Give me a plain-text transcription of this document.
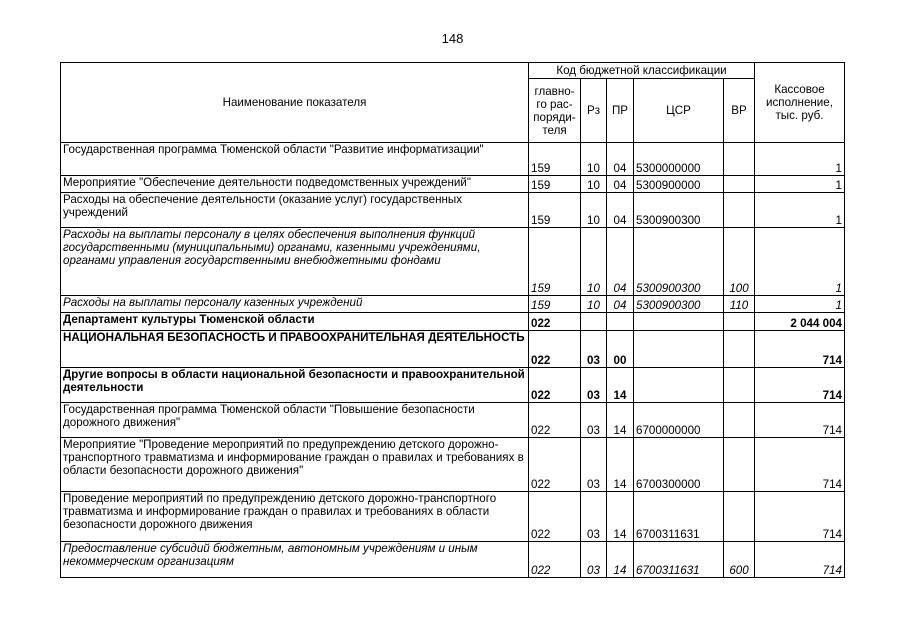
148
Наименование показателя	Код бюджетной классификации					Кассовое
исполнение,
тыс. руб.
	главно-
го рас-
поряди-
теля	Рз	ПР	ЦСР	ВР	
Государственная программа Тюменской области "Развитие информатизации"	159	10	04	5300000000		1
Мероприятие "Обеспечение деятельности подведомственных учреждений"	159	10	04	5300900000		1
Расходы на обеспечение деятельности (оказание услуг) государственных учреждений	159	10	04	5300900300		1
Расходы на выплаты персоналу в целях обеспечения выполнения функций государственными (муниципальными) органами, казенными учреждениями, органами управления государственными внебюджетными фондами	159	10	04	5300900300	100	1
Расходы на выплаты персоналу казенных учреждений	159	10	04	5300900300	110	1
Департамент культуры Тюменской области	022					2 044 004
НАЦИОНАЛЬНАЯ БЕЗОПАСНОСТЬ И ПРАВООХРАНИТЕЛЬНАЯ ДЕЯТЕЛЬНОСТЬ	022	03	00			714
Другие вопросы в области национальной безопасности и правоохранительной деятельности	022	03	14			714
Государственная программа Тюменской области "Повышение безопасности дорожного движения"	022	03	14	6700000000		714
Мероприятие "Проведение мероприятий по предупреждению детского дорожно-транспортного травматизма и информирование граждан о правилах и требованиях в области безопасности дорожного движения"	022	03	14	6700300000		714
Проведение мероприятий по предупреждению детского дорожно-транспортного травматизма и информирование граждан о правилах и требованиях в области безопасности дорожного движения	022	03	14	6700311631		714
Предоставление субсидий бюджетным, автономным учреждениям и иным некоммерческим организациям	022	03	14	6700311631	600	714
